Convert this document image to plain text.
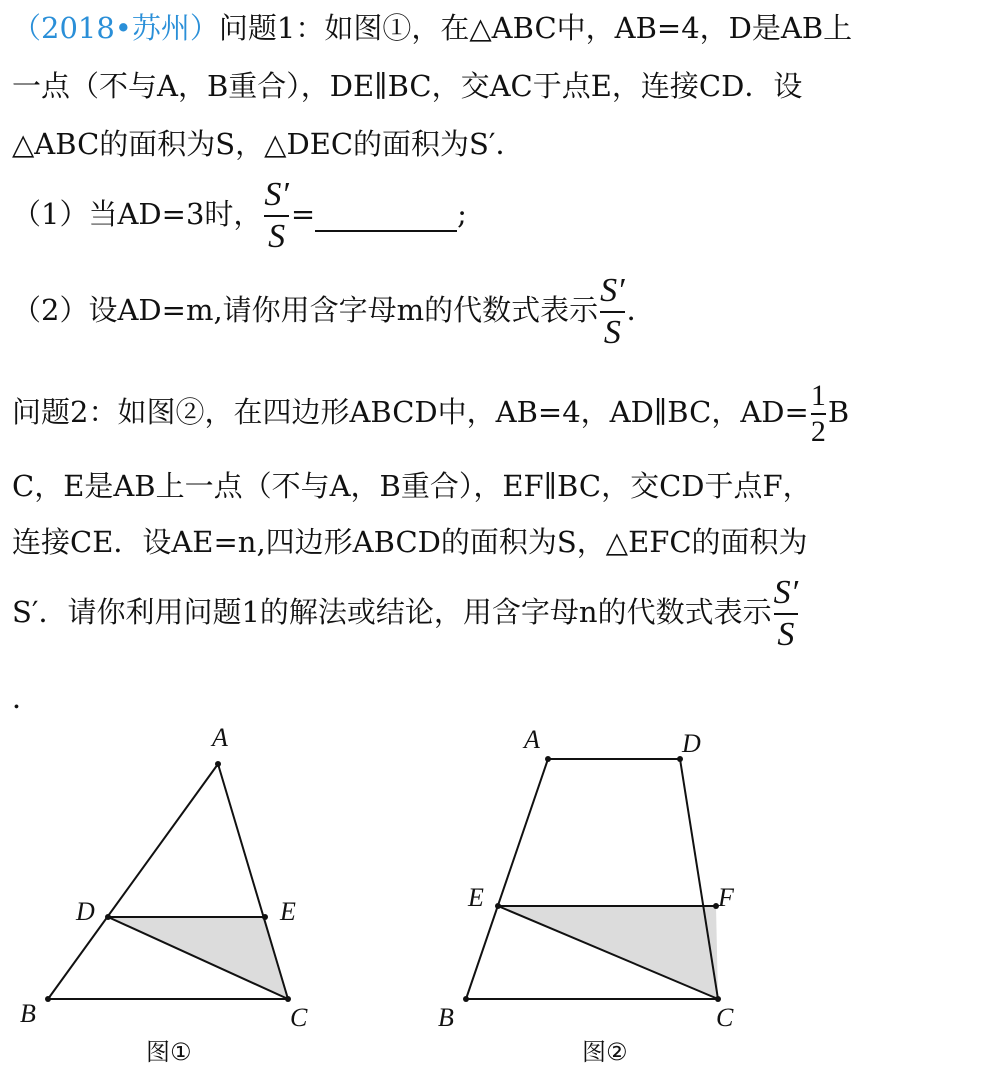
（2018•苏州）问题1：如图①，在△ABC中，AB=4，D是AB上
一点（不与A，B重合），DE∥BC，交AC于点E，连接CD．设
△ABC的面积为S，△DEC的面积为S′．
（1）当AD=3时， $\frac{S'}{S}$ =	;
（2）设AD=m,请你用含字母m的代数式表示 $\frac{S'}{S}$ ．
问题2：如图②，在四边形ABCD中，AB=4，AD∥BC，$AD= \frac{1}{2}$ B
C，E是AB上一点（不与A，B重合），EF∥BC，交CD于点F，
连接CE．设AE=n,四边形ABCD的面积为S，△EFC的面积为
S′．请你利用问题1的解法或结论，用含字母n的代数式表示 $\frac{S'}{S}$
．
A
B	C
D	E
图①
A	D
B	C
E	F
图②
